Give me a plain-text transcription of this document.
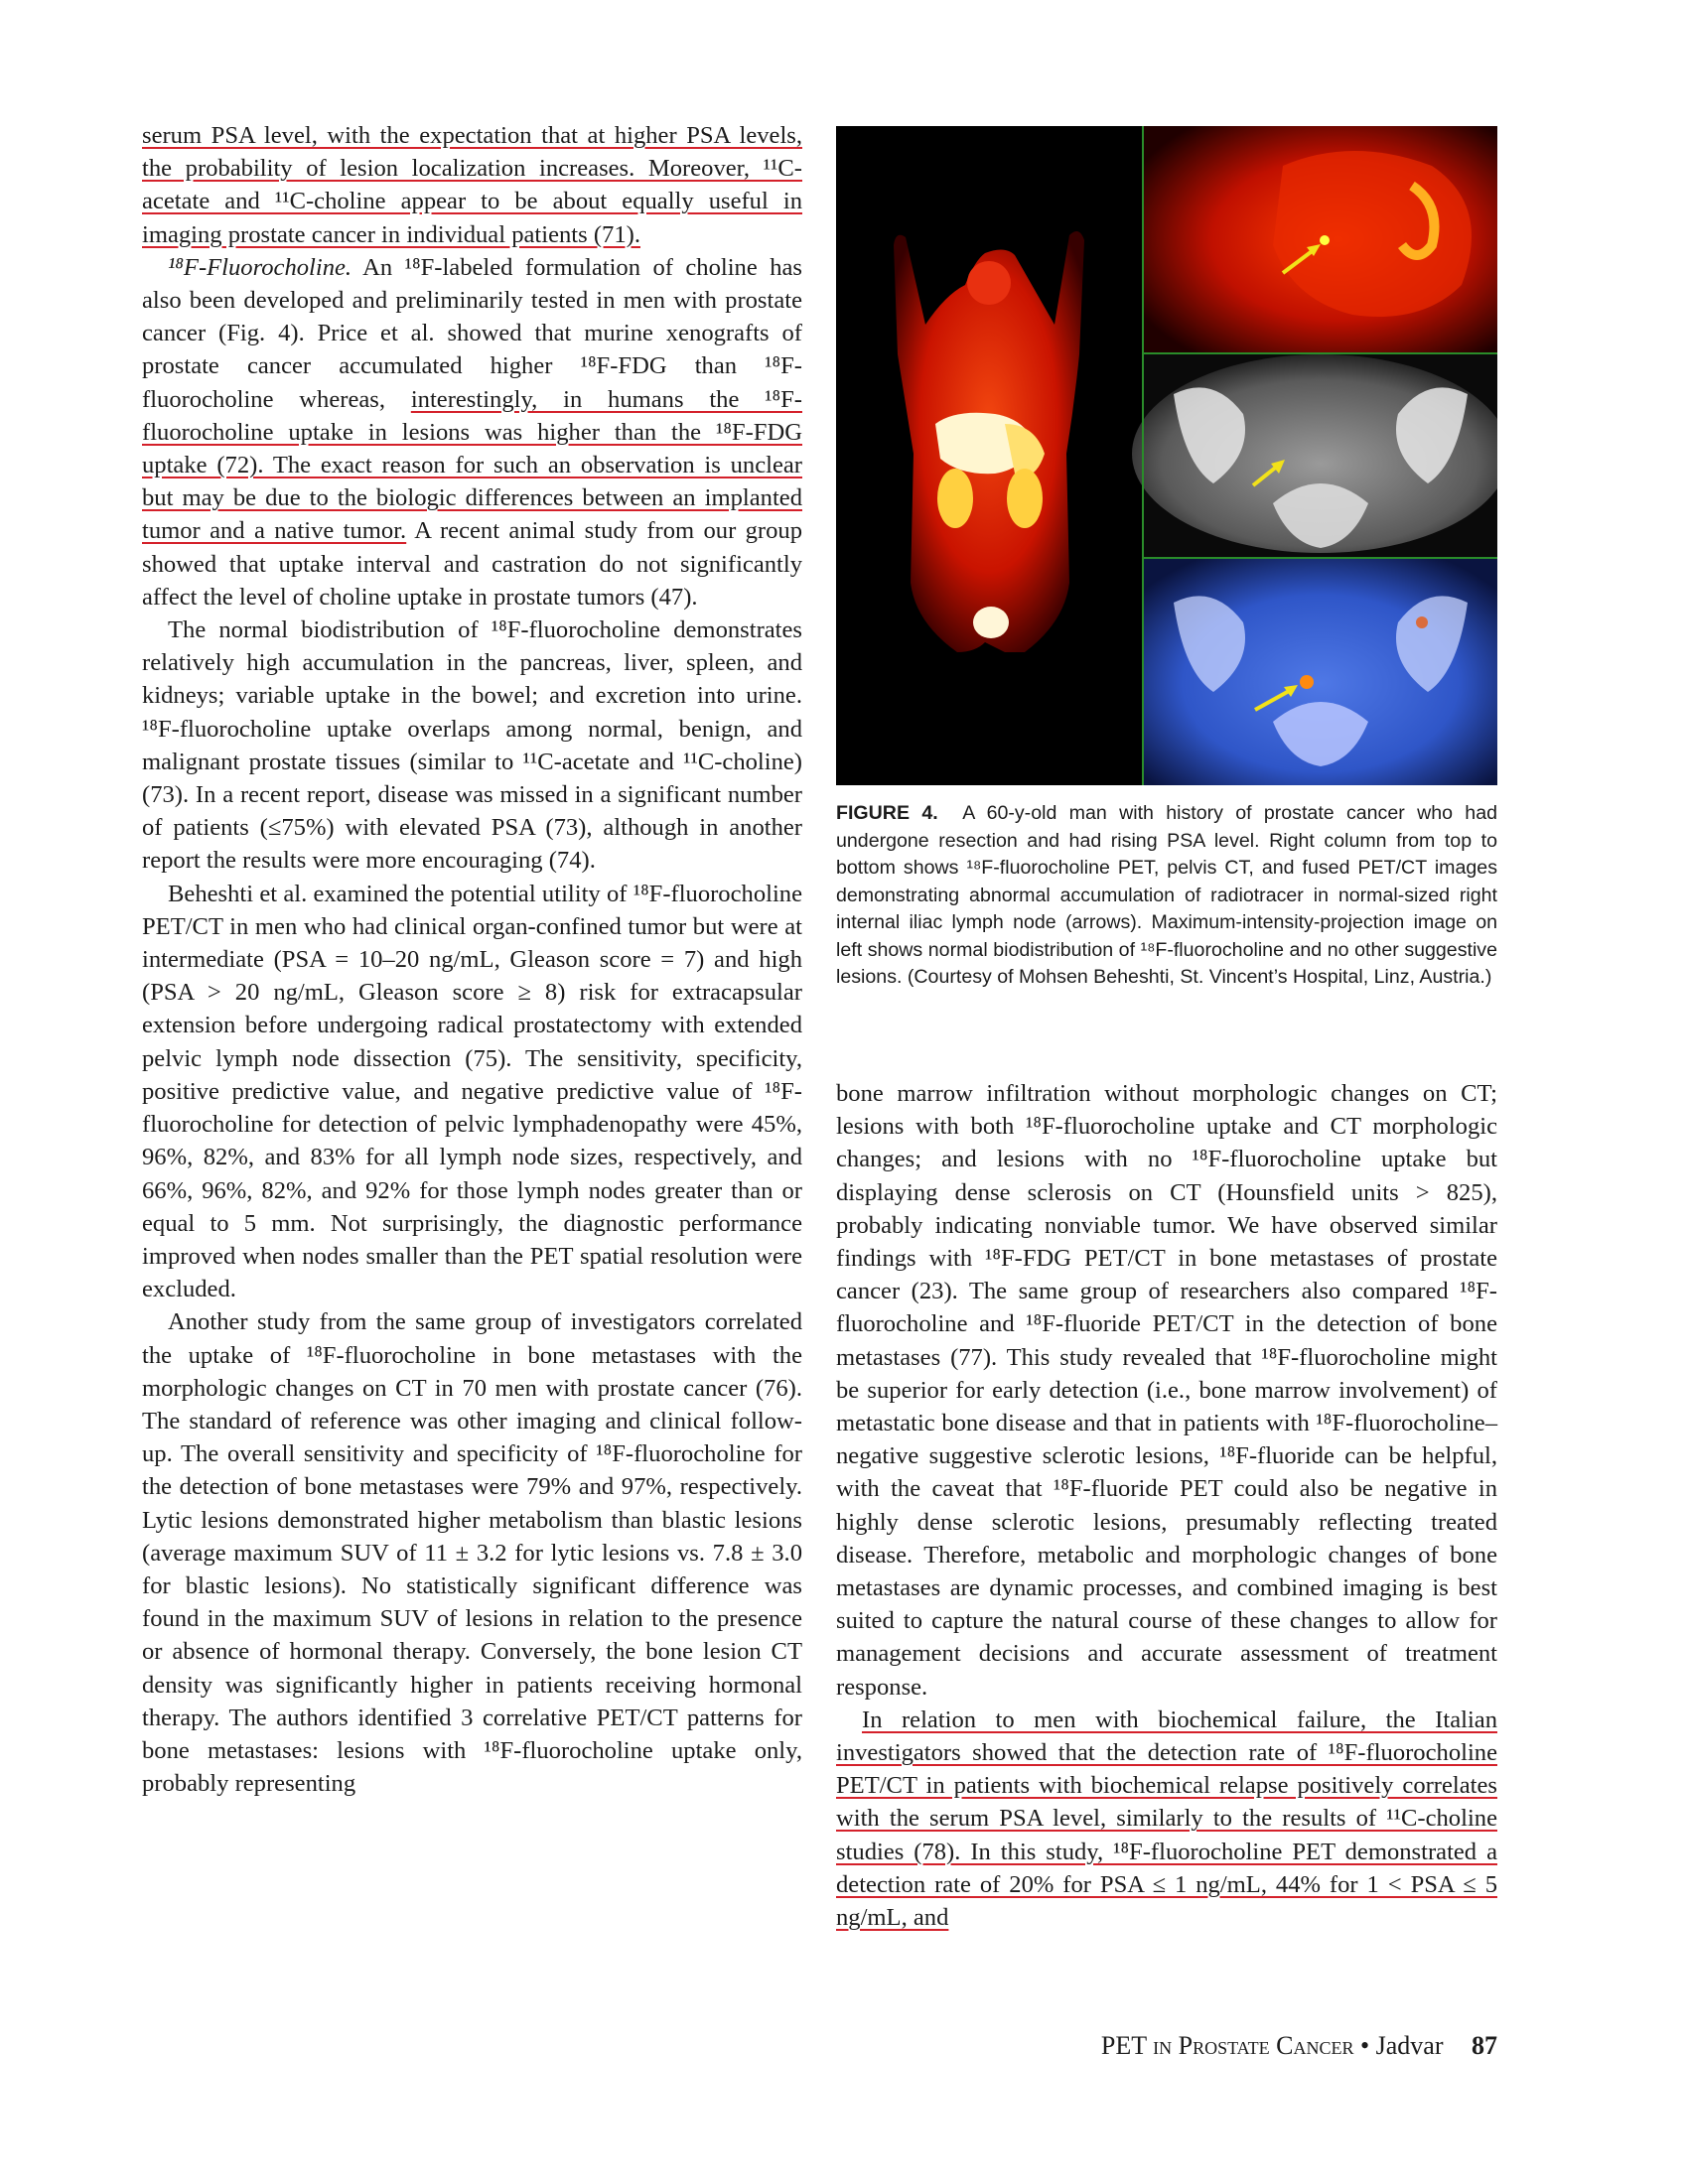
serum PSA level, with the expectation that at higher PSA levels, the probability of lesion localization increases. Moreover, ¹¹C-acetate and ¹¹C-choline appear to be about equally useful in imaging prostate cancer in individual patients (71).

¹⁸F-Fluorocholine. An ¹⁸F-labeled formulation of choline has also been developed and preliminarily tested in men with prostate cancer (Fig. 4). Price et al. showed that murine xenografts of prostate cancer accumulated higher ¹⁸F-FDG than ¹⁸F-fluorocholine whereas, interestingly, in humans the ¹⁸F-fluorocholine uptake in lesions was higher than the ¹⁸F-FDG uptake (72). The exact reason for such an observation is unclear but may be due to the biologic differences between an implanted tumor and a native tumor. A recent animal study from our group showed that uptake interval and castration do not significantly affect the level of choline uptake in prostate tumors (47).

The normal biodistribution of ¹⁸F-fluorocholine demonstrates relatively high accumulation in the pancreas, liver, spleen, and kidneys; variable uptake in the bowel; and excretion into urine. ¹⁸F-fluorocholine uptake overlaps among normal, benign, and malignant prostate tissues (similar to ¹¹C-acetate and ¹¹C-choline) (73). In a recent report, disease was missed in a significant number of patients (≤75%) with elevated PSA (73), although in another report the results were more encouraging (74).

Beheshti et al. examined the potential utility of ¹⁸F-fluorocholine PET/CT in men who had clinical organ-confined tumor but were at intermediate (PSA = 10–20 ng/mL, Gleason score = 7) and high (PSA > 20 ng/mL, Gleason score ≥ 8) risk for extracapsular extension before undergoing radical prostatectomy with extended pelvic lymph node dissection (75). The sensitivity, specificity, positive predictive value, and negative predictive value of ¹⁸F-fluorocholine for detection of pelvic lymphadenopathy were 45%, 96%, 82%, and 83% for all lymph node sizes, respectively, and 66%, 96%, 82%, and 92% for those lymph nodes greater than or equal to 5 mm. Not surprisingly, the diagnostic performance improved when nodes smaller than the PET spatial resolution were excluded.

Another study from the same group of investigators correlated the uptake of ¹⁸F-fluorocholine in bone metastases with the morphologic changes on CT in 70 men with prostate cancer (76). The standard of reference was other imaging and clinical follow-up. The overall sensitivity and specificity of ¹⁸F-fluorocholine for the detection of bone metastases were 79% and 97%, respectively. Lytic lesions demonstrated higher metabolism than blastic lesions (average maximum SUV of 11 ± 3.2 for lytic lesions vs. 7.8 ± 3.0 for blastic lesions). No statistically significant difference was found in the maximum SUV of lesions in relation to the presence or absence of hormonal therapy. Conversely, the bone lesion CT density was significantly higher in patients receiving hormonal therapy. The authors identified 3 correlative PET/CT patterns for bone metastases: lesions with ¹⁸F-fluorocholine uptake only, probably representing

FIGURE 4. A 60-y-old man with history of prostate cancer who had undergone resection and had rising PSA level. Right column from top to bottom shows ¹⁸F-fluorocholine PET, pelvis CT, and fused PET/CT images demonstrating abnormal accumulation of radiotracer in normal-sized right internal iliac lymph node (arrows). Maximum-intensity-projection image on left shows normal biodistribution of ¹⁸F-fluorocholine and no other suggestive lesions. (Courtesy of Mohsen Beheshti, St. Vincent’s Hospital, Linz, Austria.)

bone marrow infiltration without morphologic changes on CT; lesions with both ¹⁸F-fluorocholine uptake and CT morphologic changes; and lesions with no ¹⁸F-fluorocholine uptake but displaying dense sclerosis on CT (Hounsfield units > 825), probably indicating nonviable tumor. We have observed similar findings with ¹⁸F-FDG PET/CT in bone metastases of prostate cancer (23). The same group of researchers also compared ¹⁸F-fluorocholine and ¹⁸F-fluoride PET/CT in the detection of bone metastases (77). This study revealed that ¹⁸F-fluorocholine might be superior for early detection (i.e., bone marrow involvement) of metastatic bone disease and that in patients with ¹⁸F-fluorocholine–negative suggestive sclerotic lesions, ¹⁸F-fluoride can be helpful, with the caveat that ¹⁸F-fluoride PET could also be negative in highly dense sclerotic lesions, presumably reflecting treated disease. Therefore, metabolic and morphologic changes of bone metastases are dynamic processes, and combined imaging is best suited to capture the natural course of these changes to allow for management decisions and accurate assessment of treatment response.

In relation to men with biochemical failure, the Italian investigators showed that the detection rate of ¹⁸F-fluorocholine PET/CT in patients with biochemical relapse positively correlates with the serum PSA level, similarly to the results of ¹¹C-choline studies (78). In this study, ¹⁸F-fluorocholine PET demonstrated a detection rate of 20% for PSA ≤ 1 ng/mL, 44% for 1 < PSA ≤ 5 ng/mL, and

PET in Prostate Cancer • Jadvar 87
